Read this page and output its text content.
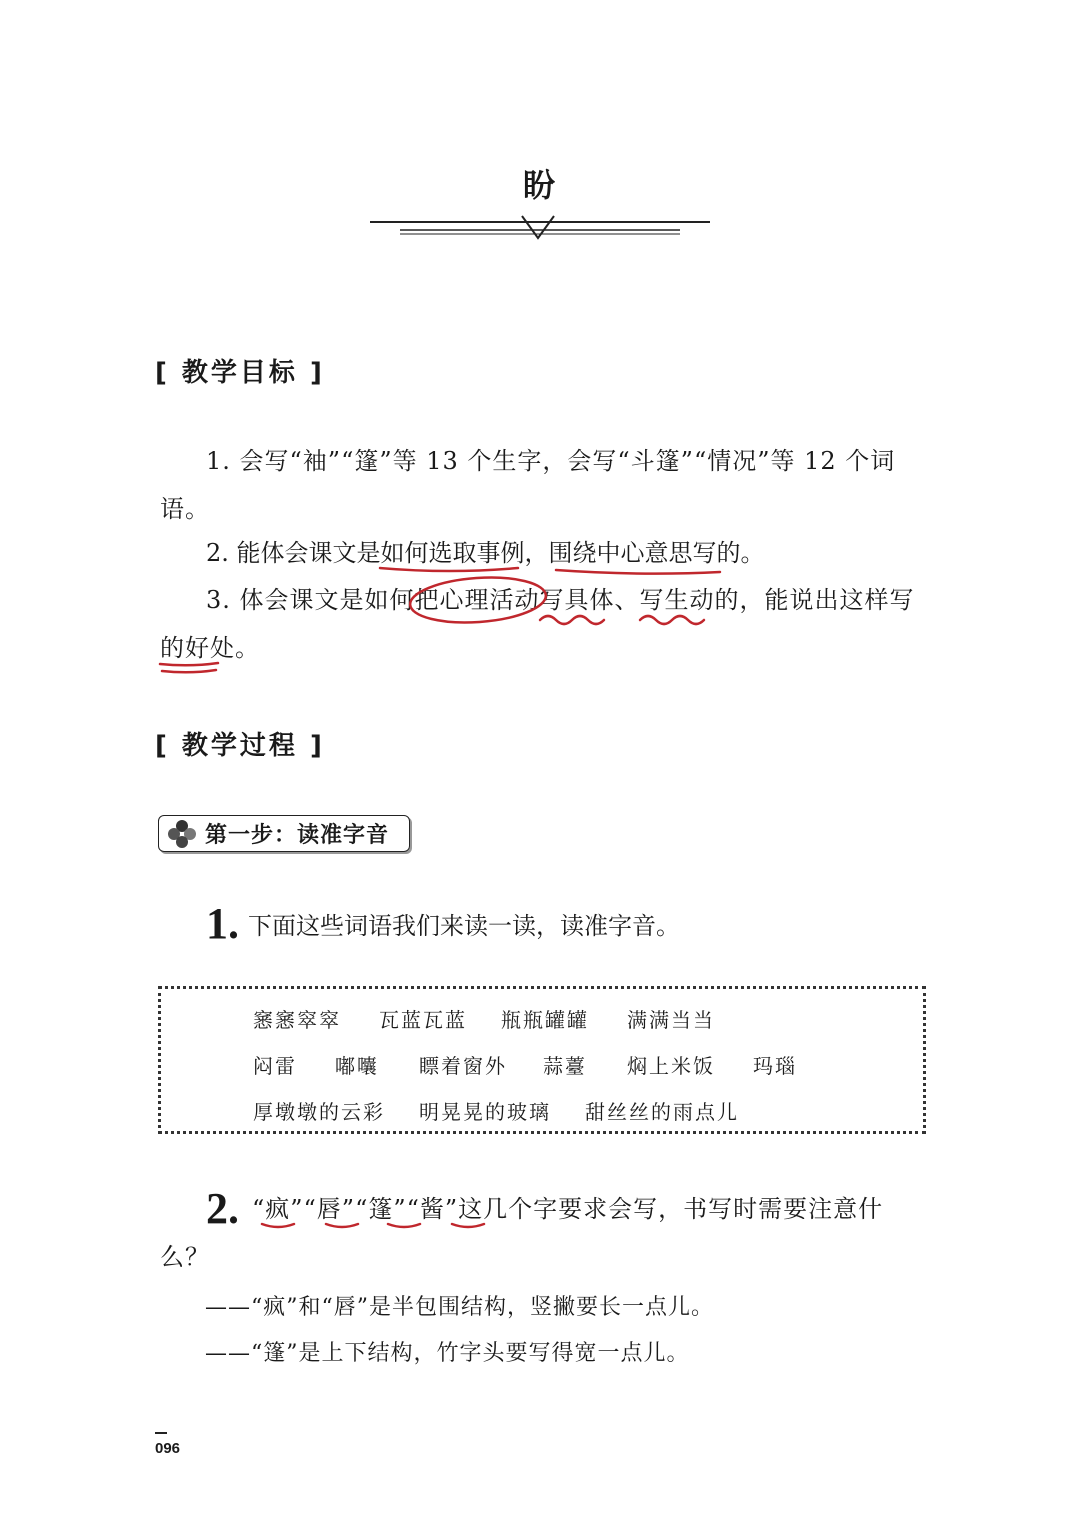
盼
[ 教学目标 ]
1. 会写“袖”“篷”等 13 个生字，会写“斗篷”“情况”等 12 个词语。
2. 能体会课文是如何选取事例，围绕中心意思写的。
3. 体会课文是如何把心理活动写具体、写生动的，能说出这样写的好处。
[ 教学过程 ]
第一步：读准字音
1. 下面这些词语我们来读一读，读准字音。
窸窸窣窣 瓦蓝瓦蓝 瓶瓶罐罐 满满当当
闷雷 嘟囔 瞟着窗外 蒜薹 焖上米饭 玛瑙
厚墩墩的云彩 明晃晃的玻璃 甜丝丝的雨点儿
2. “疯”“唇”“篷”“酱”这几个字要求会写，书写时需要注意什么？
——“疯”和“唇”是半包围结构，竖撇要长一点儿。
——“篷”是上下结构，竹字头要写得宽一点儿。
096
